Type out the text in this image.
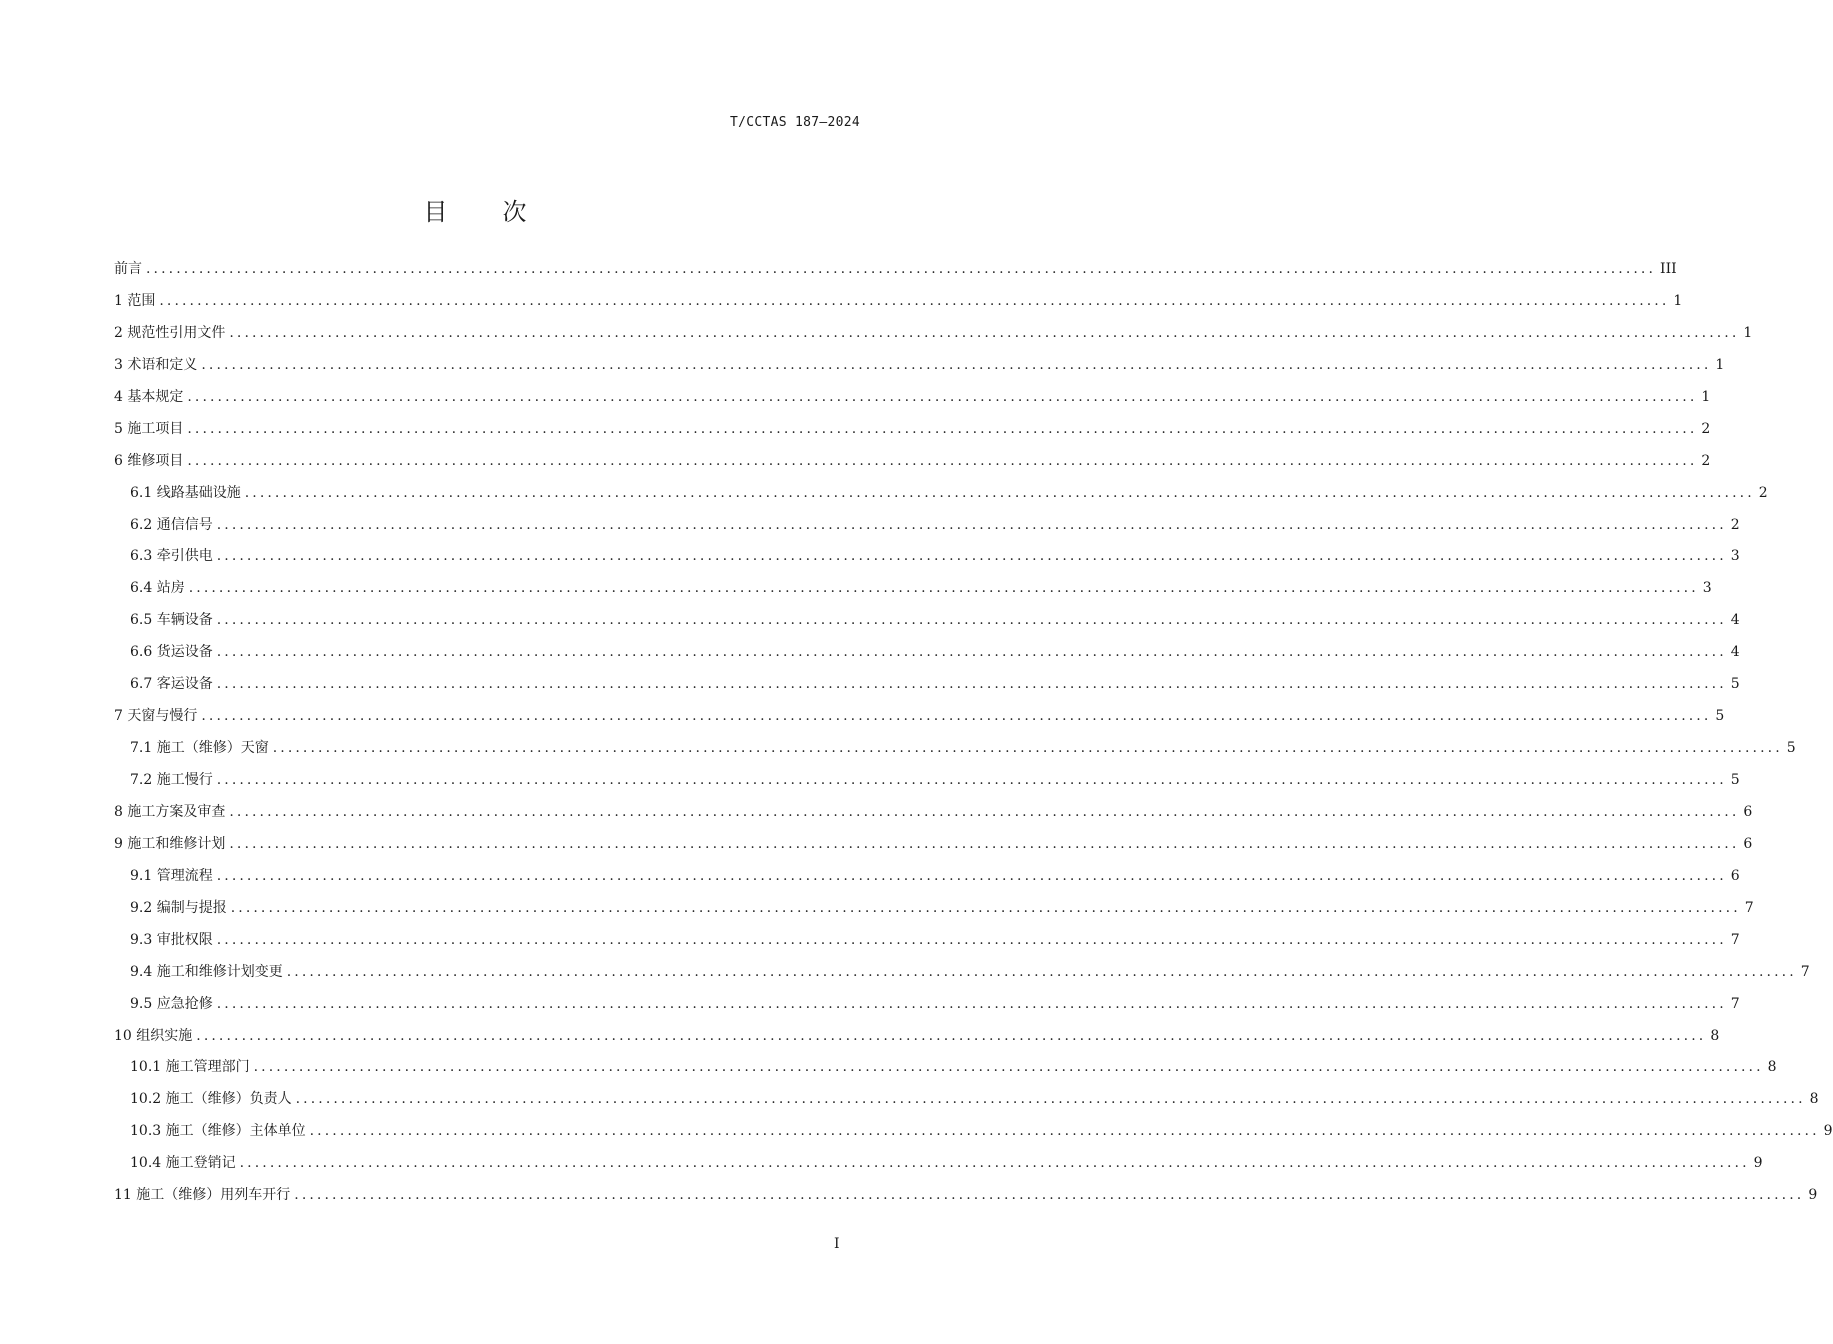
T/CCTAS 187—2024
目次
前言 ........................................................................................................................................................................................................ III
1 范围 ........................................................................................................................................................................................................ 1
2 规范性引用文件 ........................................................................................................................................................................................................ 1
3 术语和定义 ........................................................................................................................................................................................................ 1
4 基本规定 ........................................................................................................................................................................................................ 1
5 施工项目 ........................................................................................................................................................................................................ 2
6 维修项目 ........................................................................................................................................................................................................ 2
6.1 线路基础设施 ........................................................................................................................................................................................................ 2
6.2 通信信号 ........................................................................................................................................................................................................ 2
6.3 牵引供电 ........................................................................................................................................................................................................ 3
6.4 站房 ........................................................................................................................................................................................................ 3
6.5 车辆设备 ........................................................................................................................................................................................................ 4
6.6 货运设备 ........................................................................................................................................................................................................ 4
6.7 客运设备 ........................................................................................................................................................................................................ 5
7 天窗与慢行 ........................................................................................................................................................................................................ 5
7.1 施工（维修）天窗 ........................................................................................................................................................................................................ 5
7.2 施工慢行 ........................................................................................................................................................................................................ 5
8 施工方案及审查 ........................................................................................................................................................................................................ 6
9 施工和维修计划 ........................................................................................................................................................................................................ 6
9.1 管理流程 ........................................................................................................................................................................................................ 6
9.2 编制与提报 ........................................................................................................................................................................................................ 7
9.3 审批权限 ........................................................................................................................................................................................................ 7
9.4 施工和维修计划变更 ........................................................................................................................................................................................................ 7
9.5 应急抢修 ........................................................................................................................................................................................................ 7
10 组织实施 ........................................................................................................................................................................................................ 8
10.1 施工管理部门 ........................................................................................................................................................................................................ 8
10.2 施工（维修）负责人 ........................................................................................................................................................................................................ 8
10.3 施工（维修）主体单位 ........................................................................................................................................................................................................ 9
10.4 施工登销记 ........................................................................................................................................................................................................ 9
11 施工（维修）用列车开行 ........................................................................................................................................................................................................ 9
I
